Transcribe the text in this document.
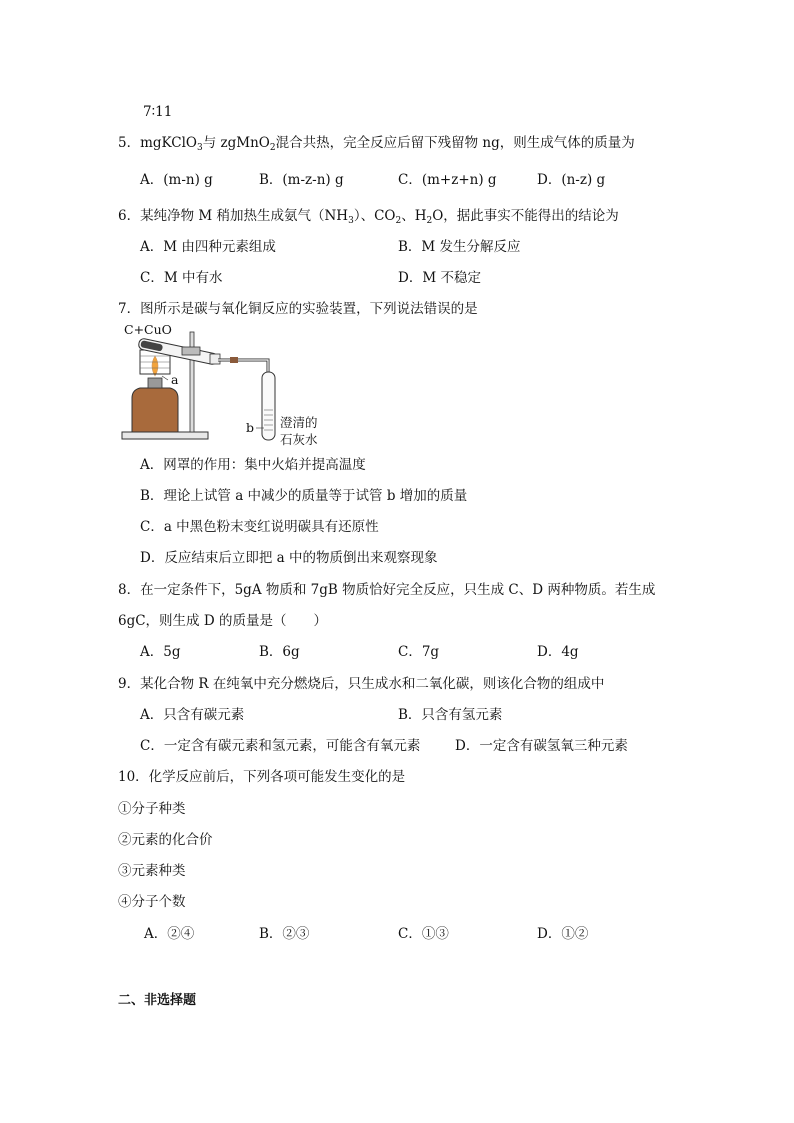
7∶11
5．mgKClO$_3$与 zgMnO$_2$混合共热，完全反应后留下残留物 ng，则生成气体的质量为
A．(m-n) g	B．(m-z-n) g	C．(m+z+n) g	D．(n-z) g
6．某纯净物 M 稍加热生成氨气$(NH_3)$、$CO_2$、$H_2O$，据此事实不能得出的结论为
A．M 由四种元素组成	B．M 发生分解反应
C．M 中有水	D．M 不稳定
7．图所示是碳与氧化铜反应的实验装置，下列说法错误的是
C+CuO
a
b 澄清的
石灰水
A．网罩的作用：集中火焰并提高温度
B．理论上试管 a 中减少的质量等于试管 b 增加的质量
C．a 中黑色粉末变红说明碳具有还原性
D．反应结束后立即把 a 中的物质倒出来观察现象
8．在一定条件下，5gA 物质和 7gB 物质恰好完全反应，只生成 C、D 两种物质。若生成
6gC，则生成 D 的质量是（　　）
A．5g	B．6g	C．7g	D．4g
9．某化合物 R 在纯氧中充分燃烧后，只生成水和二氧化碳，则该化合物的组成中
A．只含有碳元素	B．只含有氢元素
C．一定含有碳元素和氢元素，可能含有氧元素	D．一定含有碳氢氧三种元素
10．化学反应前后，下列各项可能发生变化的是
①分子种类
②元素的化合价
③元素种类
④分子个数
A．②④	B．②③	C．①③	D．①②
二、非选择题
